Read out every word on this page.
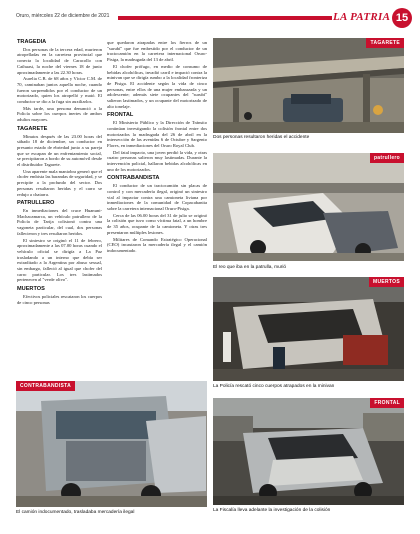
Oruro, miércoles 22 de diciembre de 2021	LA PATRIA 15
TRAGEDIA

Dos personas de la tercera edad, murieron atropelladas en la carretera provincial que conecta la localidad de Caracollo con Caihuasi, la noche del viernes 18 de junio aproximadamente a las 22.30 horas.

Aurelia C.B. de 68 años y Víctor C.M. de 70, caminaban juntos aquella noche, cuando fueron sorprendidos por el conductor de un motorizado, quien los atropelló y mató. El conductor se dio a la fuga sin auxiliarlos.

Más tarde, una persona denunció a la Policía sobre los cuerpos inertes de ambos adultos mayores.

TAGARETE

Minutos después de las 23.00 horas del sábado 18 de diciembre, un conductor en presunto estado de ebriedad junto a su pareja que se escapan de un enfrentamiento social, se precipitaron a bordo de su automóvil desde el distribuidor Tagarete.

Una aparente mala maniobra generó que el chofer embista las barandas de seguridad, y se precipite a la profundo del sector. Dos personas resultaron heridas y el carro se redujo a chatarra.

PATRULLERO

En inmediaciones del cruce Huanuni-Machacamarca, un vehículo patrullero de la Policía de Tarija colisionó contra una vagoneta particular, del cual, dos personas fallecieron y tres resultaron heridos.

El siniestro se originó el 11 de febrero, aproximadamente a las 07.00 horas cuando el vehículo oficial se dirigía a La Paz trasladando a un interno que debía ser extraditado a la Argentina por abuso sexual, sin embargo, falleció al igual que chofer del carro particular. Los tres lastimados pertenecen al "verde olivo".

MUERTOS

Efectivos policiales rescataron los cuerpos de cinco personas

que quedaron atrapadas entre los fierros de un "surubí" que fue embestido por el conductor de un tractocamión en la carretera internacional Oruro-Pisiga, la madrugada del 13 de abril.

El chofer prófugo, en medio de consumo de bebidas alcohólicas, invadió carril e impactó contra la minivan que se dirigía rumbo a la localidad fronteriza de Pisiga. El accidente según la vida de cinco personas, entre ellos de una mujer embarazada y un adolescente; además siete ocupantes del "surubí" salieron lastimados, y un ocupante del motorizado de alto tonelaje.

FRONTAL

El Ministerio Público y la Dirección de Tránsito continúan investigando la colisión frontal entre dos motorizados la madrugada del 26 de abril en la intersección de las avenidas 6 de Octubre y Sargento Flores, en inmediaciones del Oruro Royal Club.

Del fatal impacto, una joven perdió la vida, y otras cuatro personas salieron muy lastimadas. Durante la intervención policial, hallaron bebidas alcohólicas en uno de los motorizados.

CONTRABANDISTA

El conductor de un tractocamión sin placas de control y con mercadería ilegal, originó un siniestro vial al impactar contra una camioneta liviana por inmediaciones de la comunidad de Copacabanita sobre la carretera internacional Oruro-Pisiga.

Cerca de las 06.00 horas del 31 de julio se originó la colisión que tuvo como víctima fatal, a un hombre de 35 años, ocupante de la camioneta. Y otras tres presentaron múltiples lesiones.

Militares de Comando Estratégico Operacional (CEO) incautaron la mercadería ilegal y el camión indocumentado.

TAGARETE
Dos personas resultaron heridas el accidente
patrullero
El reo que iba en la patrulla, murió
MUERTOS
La Policía rescató cinco cuerpos atrapados en la minivan
CONTRABANDISTA
El camión indocumentado, trasladaba mercadería ilegal
FRONTAL
La Fiscalía lleva adelante la investigación de la colisión
